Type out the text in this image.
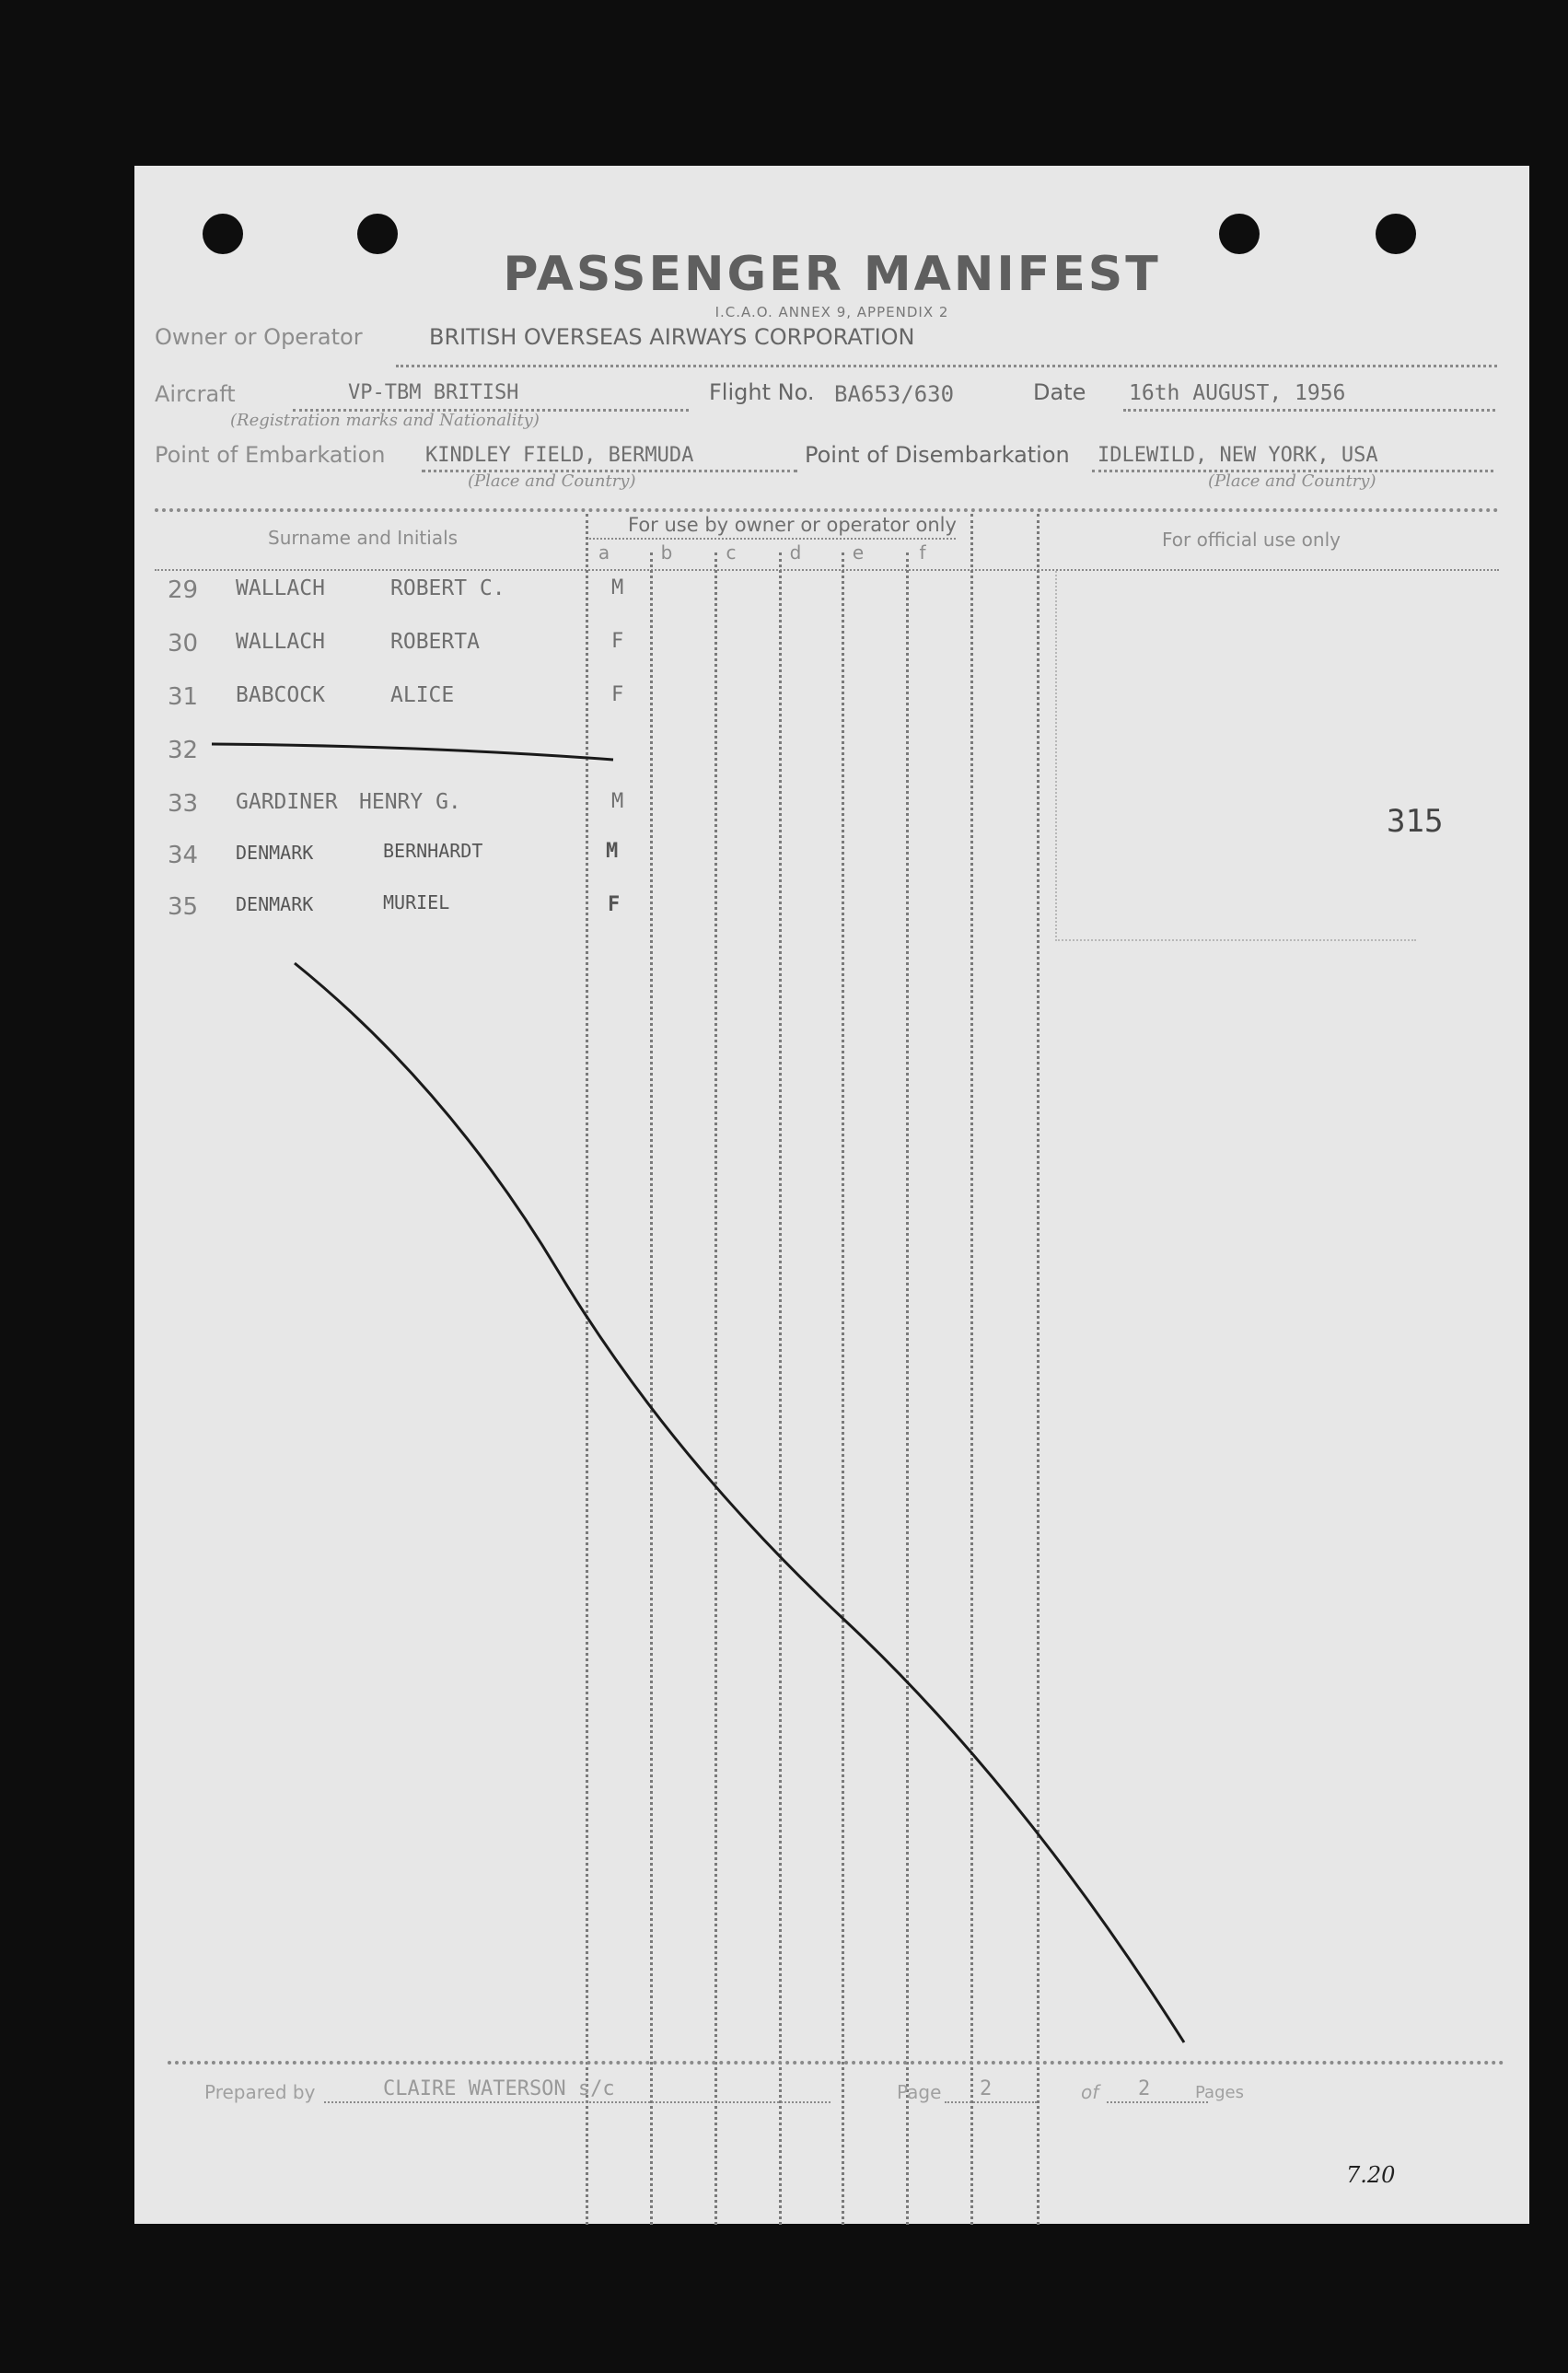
PASSENGER MANIFEST
I.C.A.O. ANNEX 9, APPENDIX 2
Owner or Operator	BRITISH OVERSEAS AIRWAYS CORPORATION
Aircraft	VP-TBM BRITISH
(Registration marks and Nationality)
Flight No. BA653/630	Date 16th AUGUST, 1956
Point of Embarkation KINDLEY FIELD, BERMUDA
(Place and Country)
Point of Disembarkation IDLEWILD, NEW YORK, USA
(Place and Country)
Surname and Initials
For use by owner or operator only
For official use only
a	b	c	d	e	f
29 WALLACH	ROBERT C.	M
30 WALLACH	ROBERTA	F
31 BABCOCK	ALICE	F
32
33 GARDINER HENRY G.	M
34 DENMARK	BERNHARDT	M
35 DENMARK	MURIEL	F
315
Prepared by	CLAIRE WATERSON s/c	Page 2	of 2	Pages
7.20
